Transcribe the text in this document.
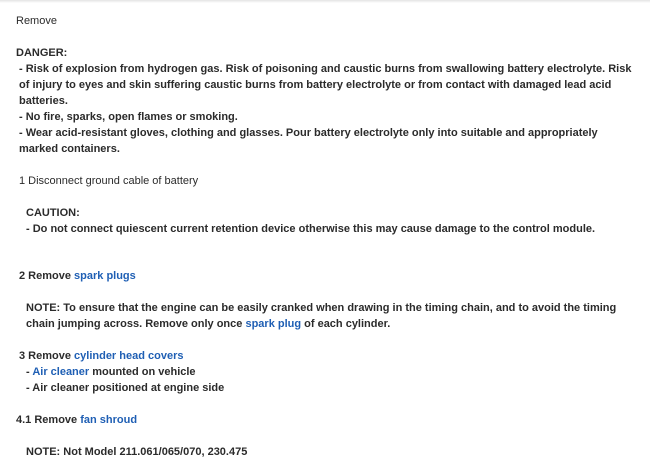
Remove
DANGER:
- Risk of explosion from hydrogen gas. Risk of poisoning and caustic burns from swallowing battery electrolyte. Risk of injury to eyes and skin suffering caustic burns from battery electrolyte or from contact with damaged lead acid batteries.
- No fire, sparks, open flames or smoking.
- Wear acid-resistant gloves, clothing and glasses. Pour battery electrolyte only into suitable and appropriately marked containers.
1 Disconnect ground cable of battery
CAUTION:
- Do not connect quiescent current retention device otherwise this may cause damage to the control module.
2 Remove spark plugs
NOTE: To ensure that the engine can be easily cranked when drawing in the timing chain, and to avoid the timing chain jumping across. Remove only once spark plug of each cylinder.
3 Remove cylinder head covers
- Air cleaner mounted on vehicle
- Air cleaner positioned at engine side
4.1 Remove fan shroud
NOTE: Not Model 211.061/065/070, 230.475
